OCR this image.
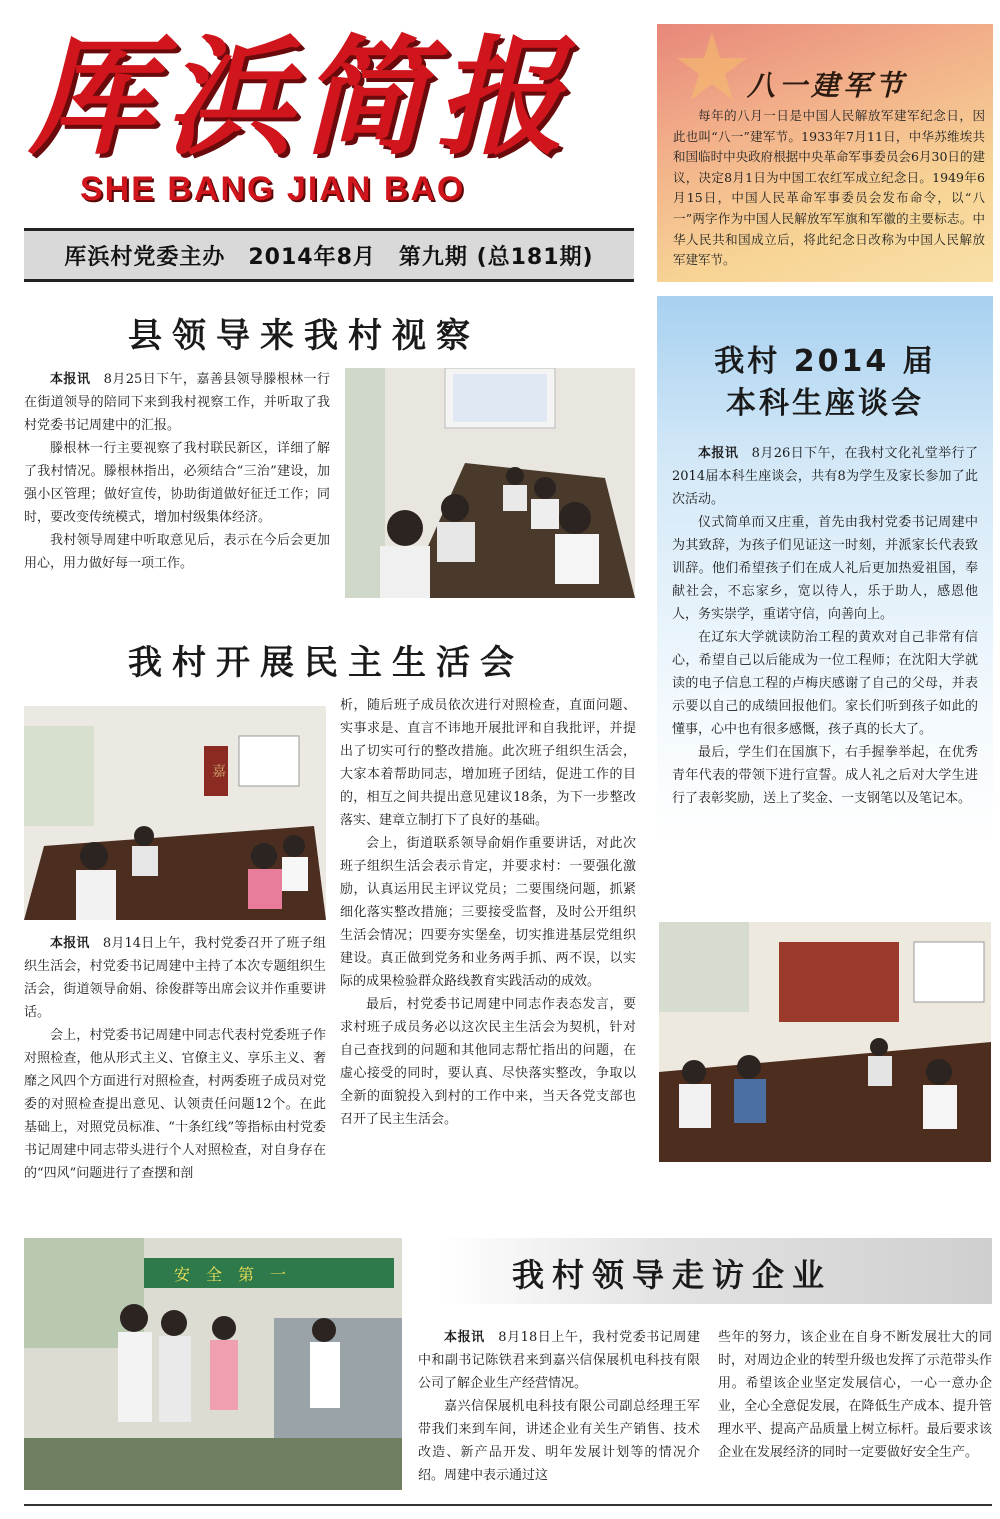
厍浜简报
SHE BANG JIAN BAO
厍浜村党委主办　2014年8月　第九期 (总181期)
八一建军节
每年的八月一日是中国人民解放军建军纪念日，因此也叫“八一”建军节。1933年7月11日，中华苏维埃共和国临时中央政府根据中央革命军事委员会6月30日的建议，决定8月1日为中国工农红军成立纪念日。1949年6月15日，中国人民革命军事委员会发布命令，以“八一”两字作为中国人民解放军军旗和军徽的主要标志。中华人民共和国成立后，将此纪念日改称为中国人民解放军建军节。
县领导来我村视察

本报讯　 8月25日下午，嘉善县领导滕根林一行在街道领导的陪同下来到我村视察工作，并听取了我村党委书记周建中的汇报。

滕根林一行主要视察了我村联民新区，详细了解了我村情况。滕根林指出，必须结合“三治”建设，加强小区管理；做好宣传，协助街道做好征迁工作；同时，要改变传统模式，增加村级集体经济。

我村领导周建中听取意见后，表示在今后会更加用心，用力做好每一项工作。

我村开展民主生活会
嘉

本报讯　 8月14日上午，我村党委召开了班子组织生活会，村党委书记周建中主持了本次专题组织生活会，街道领导俞娟、徐俊群等出席会议并作重要讲话。

会上，村党委书记周建中同志代表村党委班子作对照检查，他从形式主义、官僚主义、享乐主义、奢靡之风四个方面进行对照检查，村两委班子成员对党委的对照检查提出意见、认领责任问题12个。在此基础上，对照党员标准、“十条红线”等指标由村党委书记周建中同志带头进行个人对照检查，对自身存在的“四风”问题进行了查摆和剖

析，随后班子成员依次进行对照检查，直面问题、实事求是、直言不讳地开展批评和自我批评，并提出了切实可行的整改措施。此次班子组织生活会，大家本着帮助同志，增加班子团结，促进工作的目的，相互之间共提出意见建议18条，为下一步整改落实、建章立制打下了良好的基础。

会上，街道联系领导俞娟作重要讲话，对此次班子组织生活会表示肯定，并要求村：一要强化激励，认真运用民主评议党员；二要围绕问题，抓紧细化落实整改措施；三要接受监督，及时公开组织生活会情况；四要夯实堡垒，切实推进基层党组织建设。真正做到党务和业务两手抓、两不误，以实际的成果检验群众路线教育实践活动的成效。

最后，村党委书记周建中同志作表态发言，要求村班子成员务必以这次民主生活会为契机，针对自己查找到的问题和其他同志帮忙指出的问题，在虚心接受的同时，要认真、尽快落实整改，争取以全新的面貌投入到村的工作中来，当天各党支部也召开了民主生活会。

我村 2014 届
本科生座谈会

本报讯　 8月26日下午，在我村文化礼堂举行了2014届本科生座谈会，共有8为学生及家长参加了此次活动。

仪式简单而又庄重，首先由我村党委书记周建中为其致辞，为孩子们见证这一时刻，并派家长代表致训辞。他们希望孩子们在成人礼后更加热爱祖国，奉献社会，不忘家乡，宽以待人，乐于助人，感恩他人，务实崇学，重诺守信，向善向上。

在辽东大学就读防治工程的黄欢对自己非常有信心，希望自己以后能成为一位工程师；在沈阳大学就读的电子信息工程的卢梅庆感谢了自己的父母，并表示要以自己的成绩回报他们。家长们听到孩子如此的懂事，心中也有很多感慨，孩子真的长大了。

最后，学生们在国旗下，右手握拳举起，在优秀青年代表的带领下进行宣誓。成人礼之后对大学生进行了表彰奖励，送上了奖金、一支钢笔以及笔记本。

我村领导走访企业
安　全　第　一

本报讯　 8月18日上午，我村党委书记周建中和副书记陈铁君来到嘉兴信保展机电科技有限公司了解企业生产经营情况。

嘉兴信保展机电科技有限公司副总经理王军带我们来到车间，讲述企业有关生产销售、技术改造、新产品开发、明年发展计划等的情况介绍。周建中表示通过这

些年的努力，该企业在自身不断发展壮大的同时，对周边企业的转型升级也发挥了示范带头作用。希望该企业坚定发展信心，一心一意办企业，全心全意促发展，在降低生产成本、提升管理水平、提高产品质量上树立标杆。最后要求该企业在发展经济的同时一定要做好安全生产。
